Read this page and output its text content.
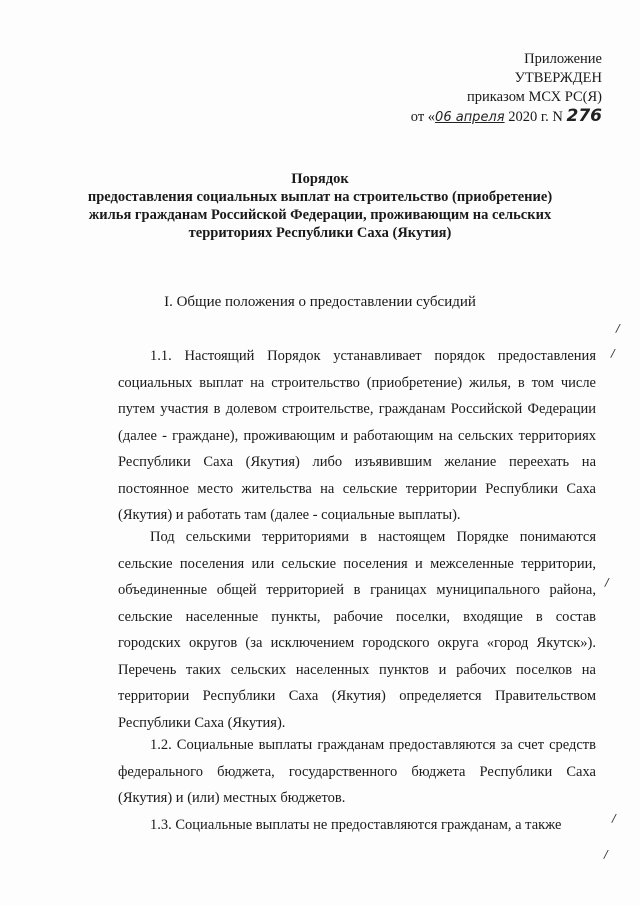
Приложение
УТВЕРЖДЕН
приказом МСХ РС(Я)
от «06 апреля 2020 г. N 276
Порядок
предоставления социальных выплат на строительство (приобретение)
жилья гражданам Российской Федерации, проживающим на сельских
территориях Республики Саха (Якутия)
I. Общие положения о предоставлении субсидий

1.1. Настоящий Порядок устанавливает порядок предоставления социальных выплат на строительство (приобретение) жилья, в том числе путем участия в долевом строительстве, гражданам Российской Федерации (далее - граждане), проживающим и работающим на сельских территориях Республики Саха (Якутия) либо изъявившим желание переехать на постоянное место жительства на сельские территории Республики Саха (Якутия) и работать там (далее - социальные выплаты).

Под сельскими территориями в настоящем Порядке понимаются сельские поселения или сельские поселения и межселенные территории, объединенные общей территорией в границах муниципального района, сельские населенные пункты, рабочие поселки, входящие в состав городских округов (за исключением городского округа «город Якутск»). Перечень таких сельских населенных пунктов и рабочих поселков на территории Республики Саха (Якутия) определяется Правительством Республики Саха (Якутия).

1.2. Социальные выплаты гражданам предоставляются за счет средств федерального бюджета, государственного бюджета Республики Саха (Якутия) и (или) местных бюджетов.

1.3. Социальные выплаты не предоставляются гражданам, а также

/
/
/
/
/
